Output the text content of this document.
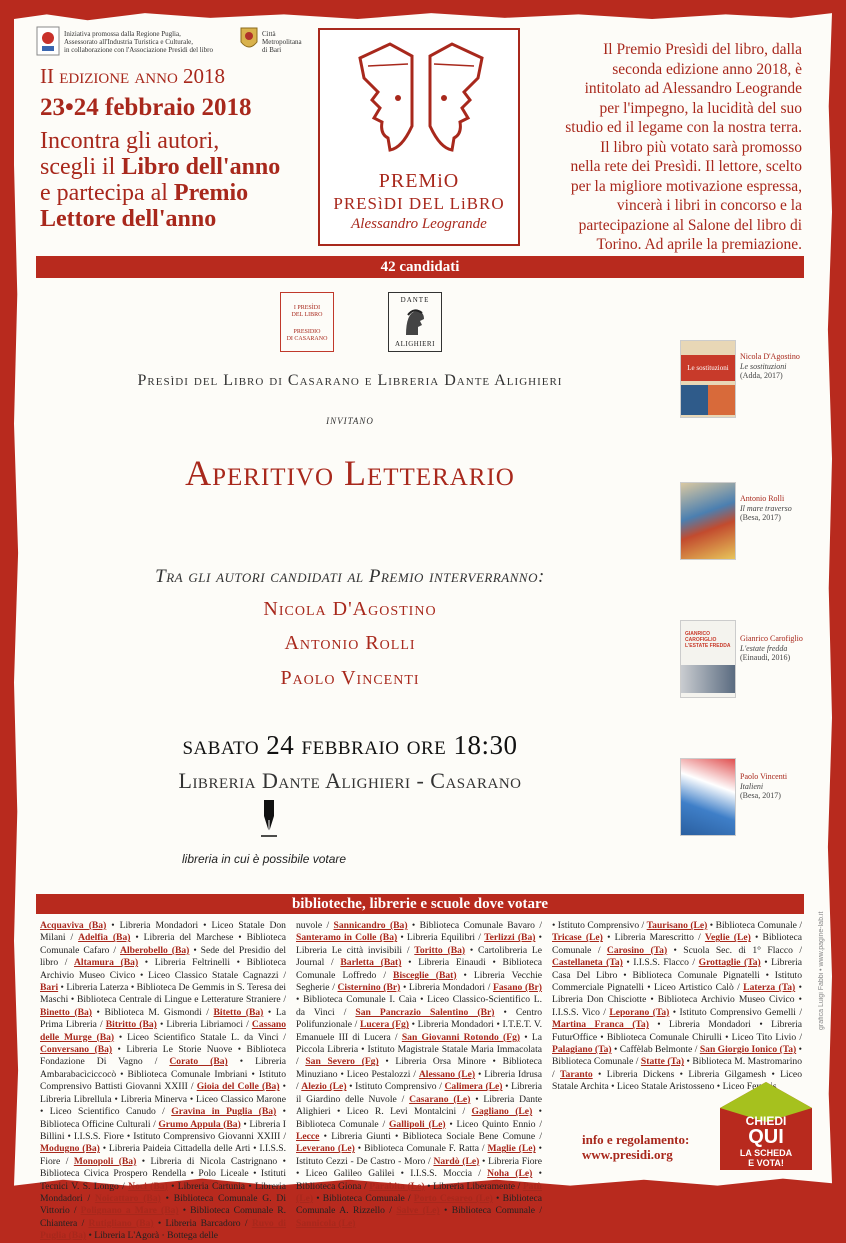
Iniziativa promossa dalla Regione Puglia,
Assessorato all'Industria Turistica e Culturale,
in collaborazione con l'Associazione Presìdi del libro
Città
Metropolitana
di Bari
II edizione anno 2018
23•24 febbraio 2018
Incontra gli autori,
scegli il Libro dell'anno
e partecipa al Premio
Lettore dell'anno
PREMiO
PRESìDI DEL LiBRO
Alessandro Leogrande
Il Premio Presìdi del libro, dalla
seconda edizione anno 2018, è
intitolato ad Alessandro Leogrande
per l'impegno, la lucidità del suo
studio ed il legame con la nostra terra.
Il libro più votato sarà promosso
nella rete dei Presìdi. Il lettore, scelto
per la migliore motivazione espressa,
vincerà i libri in concorso e la
partecipazione al Salone del libro di
Torino. Ad aprile la premiazione.
42 candidati
I PRESÌDI
DEL LIBRO
PRESIDIO
DI CASARANO
DANTE
ALIGHIERI
Presìdi del Libro di Casarano e Libreria Dante Alighieri
invitano
Aperitivo Letterario
Tra gli autori candidati al Premio interverranno:
Nicola D'Agostino
Antonio Rolli
Paolo Vincenti
sabato 24 febbraio ore 18:30
Libreria Dante Alighieri - Casarano
libreria in cui è possibile votare
Le sostituzioni
Nicola D'Agostino
Le sostituzioni
(Adda, 2017)
Antonio Rolli
Il mare traverso
(Besa, 2017)
GIANRICO CAROFIGLIO L'ESTATE FREDDA
Gianrico Carofiglio
L'estate fredda
(Einaudi, 2016)
Paolo Vincenti
Italieni
(Besa, 2017)
grafica Luigi Fabbi • www.pagine-lab.it
biblioteche, librerie e scuole dove votare
Acquaviva (Ba) • Libreria Mondadori • Liceo Statale Don Milani / Adelfia (Ba) • Libreria del Marchese • Biblioteca Comunale Cafaro / Alberobello (Ba) • Sede del Presidio del libro / Altamura (Ba) • Libreria Feltrinelli • Biblioteca Archivio Museo Civico • Liceo Classico Statale Cagnazzi / Bari • Libreria Laterza • Biblioteca De Gemmis in S. Teresa dei Maschi • Biblioteca Centrale di Lingue e Letterature Straniere / Binetto (Ba) • Biblioteca M. Gismondi / Bitetto (Ba) • La Prima Libreria / Bitritto (Ba) • Libreria Libriamoci / Cassano delle Murge (Ba) • Liceo Scientifico Statale L. da Vinci / Conversano (Ba) • Libreria Le Storie Nuove • Biblioteca Fondazione Di Vagno / Corato (Ba) • Libreria Ambarabacìciccocò • Biblioteca Comunale Imbriani • Istituto Comprensivo Battisti Giovanni XXIII / Gioia del Colle (Ba) • Libreria Librellula • Libreria Minerva • Liceo Classico Marone • Liceo Scientifico Canudo / Gravina in Puglia (Ba) • Biblioteca Officine Culturali / Grumo Appula (Ba) • Libreria I Billini • I.I.S.S. Fiore • Istituto Comprensivo Giovanni XXIII / Modugno (Ba) • Libreria Paideia Cittadella delle Arti • I.I.S.S. Fiore / Monopoli (Ba) • Libreria di Nicola Castrignano • Biblioteca Civica Prospero Rendella • Polo Liceale • Istituti Tecnici V. S. Longo / Noci (Ba) • Libreria Cartunia • Libreria Mondadori / Noicattaro (Ba) • Biblioteca Comunale G. Di Vittorio / Polignano a Mare (Ba) • Biblioteca Comunale R. Chiantera / Rutigliano (Ba) • Libreria Barcadoro / Ruvo di Puglia (Ba) • Libreria L'Agorà · Bottega delle
nuvole / Sannicandro (Ba) • Biblioteca Comunale Bavaro / Santeramo in Colle (Ba) • Libreria Equilibri / Terlizzi (Ba) • Libreria Le città invisibili / Toritto (Ba) • Cartolibreria Le Journal / Barletta (Bat) • Libreria Einaudi • Biblioteca Comunale Loffredo / Bisceglie (Bat) • Libreria Vecchie Segherie / Cisternino (Br) • Libreria Mondadori / Fasano (Br) • Biblioteca Comunale I. Caìa • Liceo Classico-Scientifico L. da Vinci / San Pancrazio Salentino (Br) • Centro Polifunzionale / Lucera (Fg) • Libreria Mondadori • I.T.E.T. V. Emanuele III di Lucera / San Giovanni Rotondo (Fg) • La Piccola Libreria • Istituto Magistrale Statale Maria Immacolata / San Severo (Fg) • Libreria Orsa Minore • Biblioteca Minuziano • Liceo Pestalozzi / Alessano (Le) • Libreria Idrusa / Alezio (Le) • Istituto Comprensivo / Calimera (Le) • Libreria il Giardino delle Nuvole / Casarano (Le) • Libreria Dante Alighieri • Liceo R. Levi Montalcini / Gagliano (Le) • Biblioteca Comunale / Gallipoli (Le) • Liceo Quinto Ennio / Lecce • Libreria Giunti • Biblioteca Sociale Bene Comune / Leverano (Le) • Biblioteca Comunale F. Ratta / Maglie (Le) • Istituto Cezzi - De Castro - Moro / Nardò (Le) • Libreria Fiore • Liceo Galileo Galilei • I.I.S.S. Moccia / Noha (Le) • Biblioteca Giona / Parabita (Le) • Libreria Liberamente / Patù (Le) • Biblioteca Comunale / Porto Cesareo (Le) • Biblioteca Comunale A. Rizzello / Salve (Le) • Biblioteca Comunale / Sannicola (Le)
• Istituto Comprensivo / Taurisano (Le) • Biblioteca Comunale / Tricase (Le) • Libreria Marescritto / Veglie (Le) • Biblioteca Comunale / Carosino (Ta) • Scuola Sec. di 1° Flacco / Castellaneta (Ta) • I.I.S.S. Flacco / Grottaglie (Ta) • Libreria Casa Del Libro • Biblioteca Comunale Pignatelli • Istituto Commerciale Pignatelli • Liceo Artistico Calò / Laterza (Ta) • Libreria Don Chisciotte • Biblioteca Archivio Museo Civico • I.I.S.S. Vico / Leporano (Ta) • Istituto Comprensivo Gemelli / Martina Franca (Ta) • Libreria Mondadori • Libreria FuturOffice • Biblioteca Comunale Chirulli • Liceo Tito Livio / Palagiano (Ta) • Caffèlab Belmonte / San Giorgio Ionico (Ta) • Biblioteca Comunale / Statte (Ta) • Biblioteca M. Mastromarino / Taranto • Libreria Dickens • Libreria Gilgamesh • Liceo Statale Archita • Liceo Statale Aristosseno • Liceo Ferraris
info e regolamento:
www.presidi.org
CHIEDI
QUI
LA SCHEDA
E VOTA!
